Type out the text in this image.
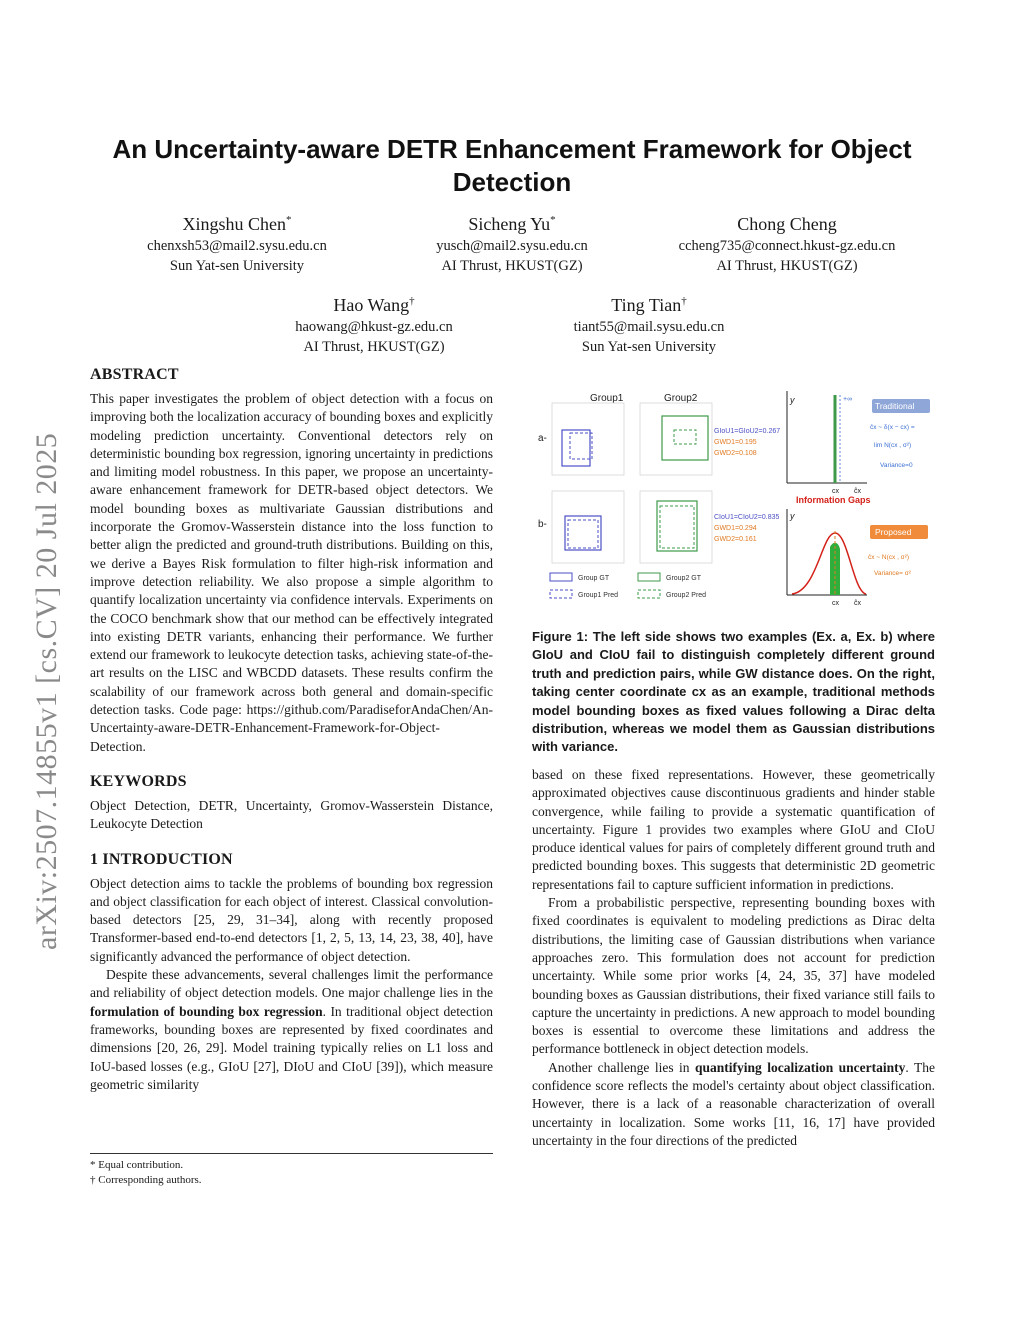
arXiv:2507.14855v1 [cs.CV] 20 Jul 2025
An Uncertainty-aware DETR Enhancement Framework for Object Detection
Xingshu Chen*
chenxsh53@mail2.sysu.edu.cn
Sun Yat-sen University
Sicheng Yu*
yusch@mail2.sysu.edu.cn
AI Thrust, HKUST(GZ)
Chong Cheng
ccheng735@connect.hkust-gz.edu.cn
AI Thrust, HKUST(GZ)
Hao Wang†
haowang@hkust-gz.edu.cn
AI Thrust, HKUST(GZ)
Ting Tian†
tiant55@mail.sysu.edu.cn
Sun Yat-sen University
ABSTRACT

This paper investigates the problem of object detection with a focus on improving both the localization accuracy of bounding boxes and explicitly modeling prediction uncertainty. Conventional detectors rely on deterministic bounding box regression, ignoring uncertainty in predictions and limiting model robustness. In this paper, we propose an uncertainty-aware enhancement framework for DETR-based object detectors. We model bounding boxes as multivariate Gaussian distributions and incorporate the Gromov-Wasserstein distance into the loss function to better align the predicted and ground-truth distributions. Building on this, we derive a Bayes Risk formulation to filter high-risk information and improve detection reliability. We also propose a simple algorithm to quantify localization uncertainty via confidence intervals. Experiments on the COCO benchmark show that our method can be effectively integrated into existing DETR variants, enhancing their performance. We further extend our framework to leukocyte detection tasks, achieving state-of-the-art results on the LISC and WBCDD datasets. These results confirm the scalability of our framework across both general and domain-specific detection tasks. Code page: https://github.com/ParadiseforAndaChen/An-Uncertainty-aware-DETR-Enhancement-Framework-for-Object-Detection.

KEYWORDS

Object Detection, DETR, Uncertainty, Gromov-Wasserstein Distance, Leukocyte Detection

1 INTRODUCTION

Object detection aims to tackle the problems of bounding box regression and object classification for each object of interest. Classical convolution-based detectors [25, 29, 31–34], along with recently proposed Transformer-based end-to-end detectors [1, 2, 5, 13, 14, 23, 38, 40], have significantly advanced the performance of object detection.

Despite these advancements, several challenges limit the performance and reliability of object detection models. One major challenge lies in the formulation of bounding box regression. In traditional object detection frameworks, bounding boxes are represented by fixed coordinates and dimensions [20, 26, 29]. Model training typically relies on L1 loss and IoU-based losses (e.g., GIoU [27], DIoU and CIoU [39]), which measure geometric similarity

* Equal contribution.
† Corresponding authors.
Group1	Group2
a-
b-
GIoU1=GIoU2=0.267
GWD1=0.195
GWD2=0.108
CIoU1=CIoU2=0.835
GWD1=0.294
GWD2=0.161
Group GT	Group2 GT
Group1 Pred	Group2 Pred
y	+∞
cx ĉx
Traditional
ĉx ~ δ(x − cx) =
lim N(cx , σ²)
Variance=0
Information Gaps
y
cx ĉx
Proposed
ĉx ~ N(cx , σ²)
Variance= σ²

Figure 1: The left side shows two examples (Ex. a, Ex. b) where GIoU and CIoU fail to distinguish completely different ground truth and prediction pairs, while GW distance does. On the right, taking center coordinate cx as an example, traditional methods model bounding boxes as fixed values following a Dirac delta distribution, whereas we model them as Gaussian distributions with variance.

based on these fixed representations. However, these geometrically approximated objectives cause discontinuous gradients and hinder stable convergence, while failing to provide a systematic quantification of uncertainty. Figure 1 provides two examples where GIoU and CIoU produce identical values for pairs of completely different ground truth and predicted bounding boxes. This suggests that deterministic 2D geometric representations fail to capture sufficient information in predictions.

From a probabilistic perspective, representing bounding boxes with fixed coordinates is equivalent to modeling predictions as Dirac delta distributions, the limiting case of Gaussian distributions when variance approaches zero. This formulation does not account for prediction uncertainty. While some prior works [4, 24, 35, 37] have modeled bounding boxes as Gaussian distributions, their fixed variance still fails to capture the uncertainty in predictions. A new approach to model bounding boxes is essential to overcome these limitations and address the performance bottleneck in object detection models.

Another challenge lies in quantifying localization uncertainty. The confidence score reflects the model's certainty about object classification. However, there is a lack of a reasonable characterization of overall uncertainty in localization. Some works [11, 16, 17] have provided uncertainty in the four directions of the predicted
